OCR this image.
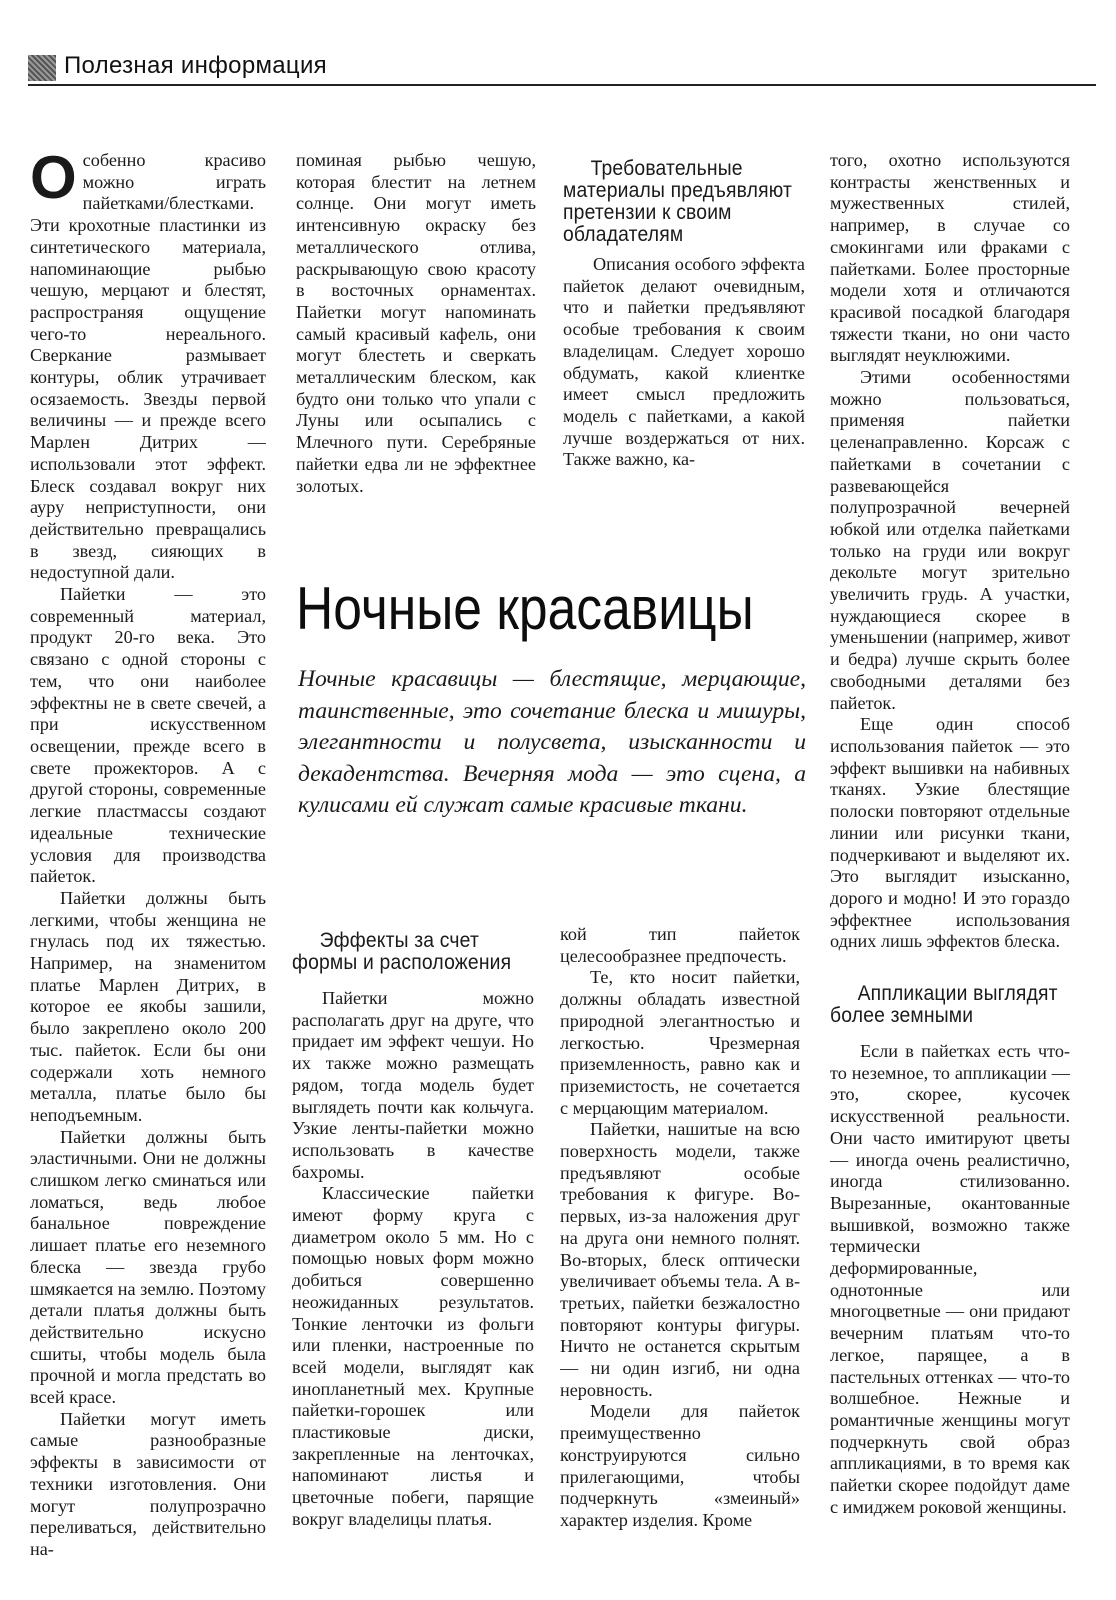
Полезная информация

Особенно красиво можно играть пайетками/блестками. Эти крохотные пластинки из синтетического материала, напоминающие рыбью чешую, мерцают и блестят, распространяя ощущение чего-то нереального. Сверкание размывает контуры, облик утрачивает осязаемость. Звезды первой величины — и прежде всего Марлен Дитрих — использовали этот эффект. Блеск создавал вокруг них ауру неприступности, они действительно превращались в звезд, сияющих в недоступной дали.

Пайетки — это современный материал, продукт 20-го века. Это связано с одной стороны с тем, что они наиболее эффектны не в свете свечей, а при искусственном освещении, прежде всего в свете прожекторов. А с другой стороны, современные легкие пластмассы создают идеальные технические условия для производства пайеток.

Пайетки должны быть легкими, чтобы женщина не гнулась под их тяжестью. Например, на знаменитом платье Марлен Дитрих, в которое ее якобы зашили, было закреплено около 200 тыс. пайеток. Если бы они содержали хоть немного металла, платье было бы неподъемным.

Пайетки должны быть эластичными. Они не должны слишком легко сминаться или ломаться, ведь любое банальное повреждение лишает платье его неземного блеска — звезда грубо шмякается на землю. Поэтому детали платья должны быть действительно искусно сшиты, чтобы модель была прочной и могла предстать во всей красе.

Пайетки могут иметь самые разнообразные эффекты в зависимости от техники изготовления. Они могут полупрозрачно переливаться, действительно на-

поминая рыбью чешую, которая блестит на летнем солнце. Они могут иметь интенсивную окраску без металлического отлива, раскрывающую свою красоту в восточных орнаментах. Пайетки могут напоминать самый красивый кафель, они могут блестеть и сверкать металлическим блеском, как будто они только что упали с Луны или осыпались с Млечного пути. Серебряные пайетки едва ли не эффектнее золотых.

Требовательные материалы предъявляют претензии к своим обладателям

Описания особого эффекта пайеток делают очевидным, что и пайетки предъявляют особые требования к своим владелицам. Следует хорошо обдумать, какой клиентке имеет смысл предложить модель с пайетками, а какой лучше воздержаться от них. Также важно, ка-

Ночные красавицы

Ночные красавицы — блестящие, мерцающие, таинственные, это сочетание блеска и мишуры, элегантности и полусвета, изысканности и декадентства. Вечерняя мода — это сцена, а кулисами ей служат самые красивые ткани.

Эффекты за счет формы и расположения

Пайетки можно располагать друг на друге, что придает им эффект чешуи. Но их также можно размещать рядом, тогда модель будет выглядеть почти как кольчуга. Узкие ленты-пайетки можно использовать в качестве бахромы.

Классические пайетки имеют форму круга с диаметром около 5 мм. Но с помощью новых форм можно добиться совершенно неожиданных результатов. Тонкие ленточки из фольги или пленки, настроенные по всей модели, выглядят как инопланетный мех. Крупные пайетки-горошек или пластиковые диски, закрепленные на ленточках, напоминают листья и цветочные побеги, парящие вокруг владелицы платья.

кой тип пайеток целесообразнее предпочесть.

Те, кто носит пайетки, должны обладать известной природной элегантностью и легкостью. Чрезмерная приземленность, равно как и приземистость, не сочетается с мерцающим материалом.

Пайетки, нашитые на всю поверхность модели, также предъявляют особые требования к фигуре. Во-первых, из-за наложения друг на друга они немного полнят. Во-вторых, блеск оптически увеличивает объемы тела. А в-третьих, пайетки безжалостно повторяют контуры фигуры. Ничто не останется скрытым — ни один изгиб, ни одна неровность.

Модели для пайеток преимущественно конструируются сильно прилегающими, чтобы подчеркнуть «змеиный» характер изделия. Кроме

того, охотно используются контрасты женственных и мужественных стилей, например, в случае со смокингами или фраками с пайетками. Более просторные модели хотя и отличаются красивой посадкой благодаря тяжести ткани, но они часто выглядят неуклюжими.

Этими особенностями можно пользоваться, применяя пайетки целенаправленно. Корсаж с пайетками в сочетании с развевающейся полупрозрачной вечерней юбкой или отделка пайетками только на груди или вокруг декольте могут зрительно увеличить грудь. А участки, нуждающиеся скорее в уменьшении (например, живот и бедра) лучше скрыть более свободными деталями без пайеток.

Еще один способ использования пайеток — это эффект вышивки на набивных тканях. Узкие блестящие полоски повторяют отдельные линии или рисунки ткани, подчеркивают и выделяют их. Это выглядит изысканно, дорого и модно! И это гораздо эффектнее использования одних лишь эффектов блеска.

Аппликации выглядят более земными

Если в пайетках есть что-то неземное, то аппликации — это, скорее, кусочек искусственной реальности. Они часто имитируют цветы — иногда очень реалистично, иногда стилизованно. Вырезанные, окантованные вышивкой, возможно также термически деформированные, однотонные или многоцветные — они придают вечерним платьям что-то легкое, парящее, а в пастельных оттенках — что-то волшебное. Нежные и романтичные женщины могут подчеркнуть свой образ аппликациями, в то время как пайетки скорее подойдут даме с имиджем роковой женщины.
